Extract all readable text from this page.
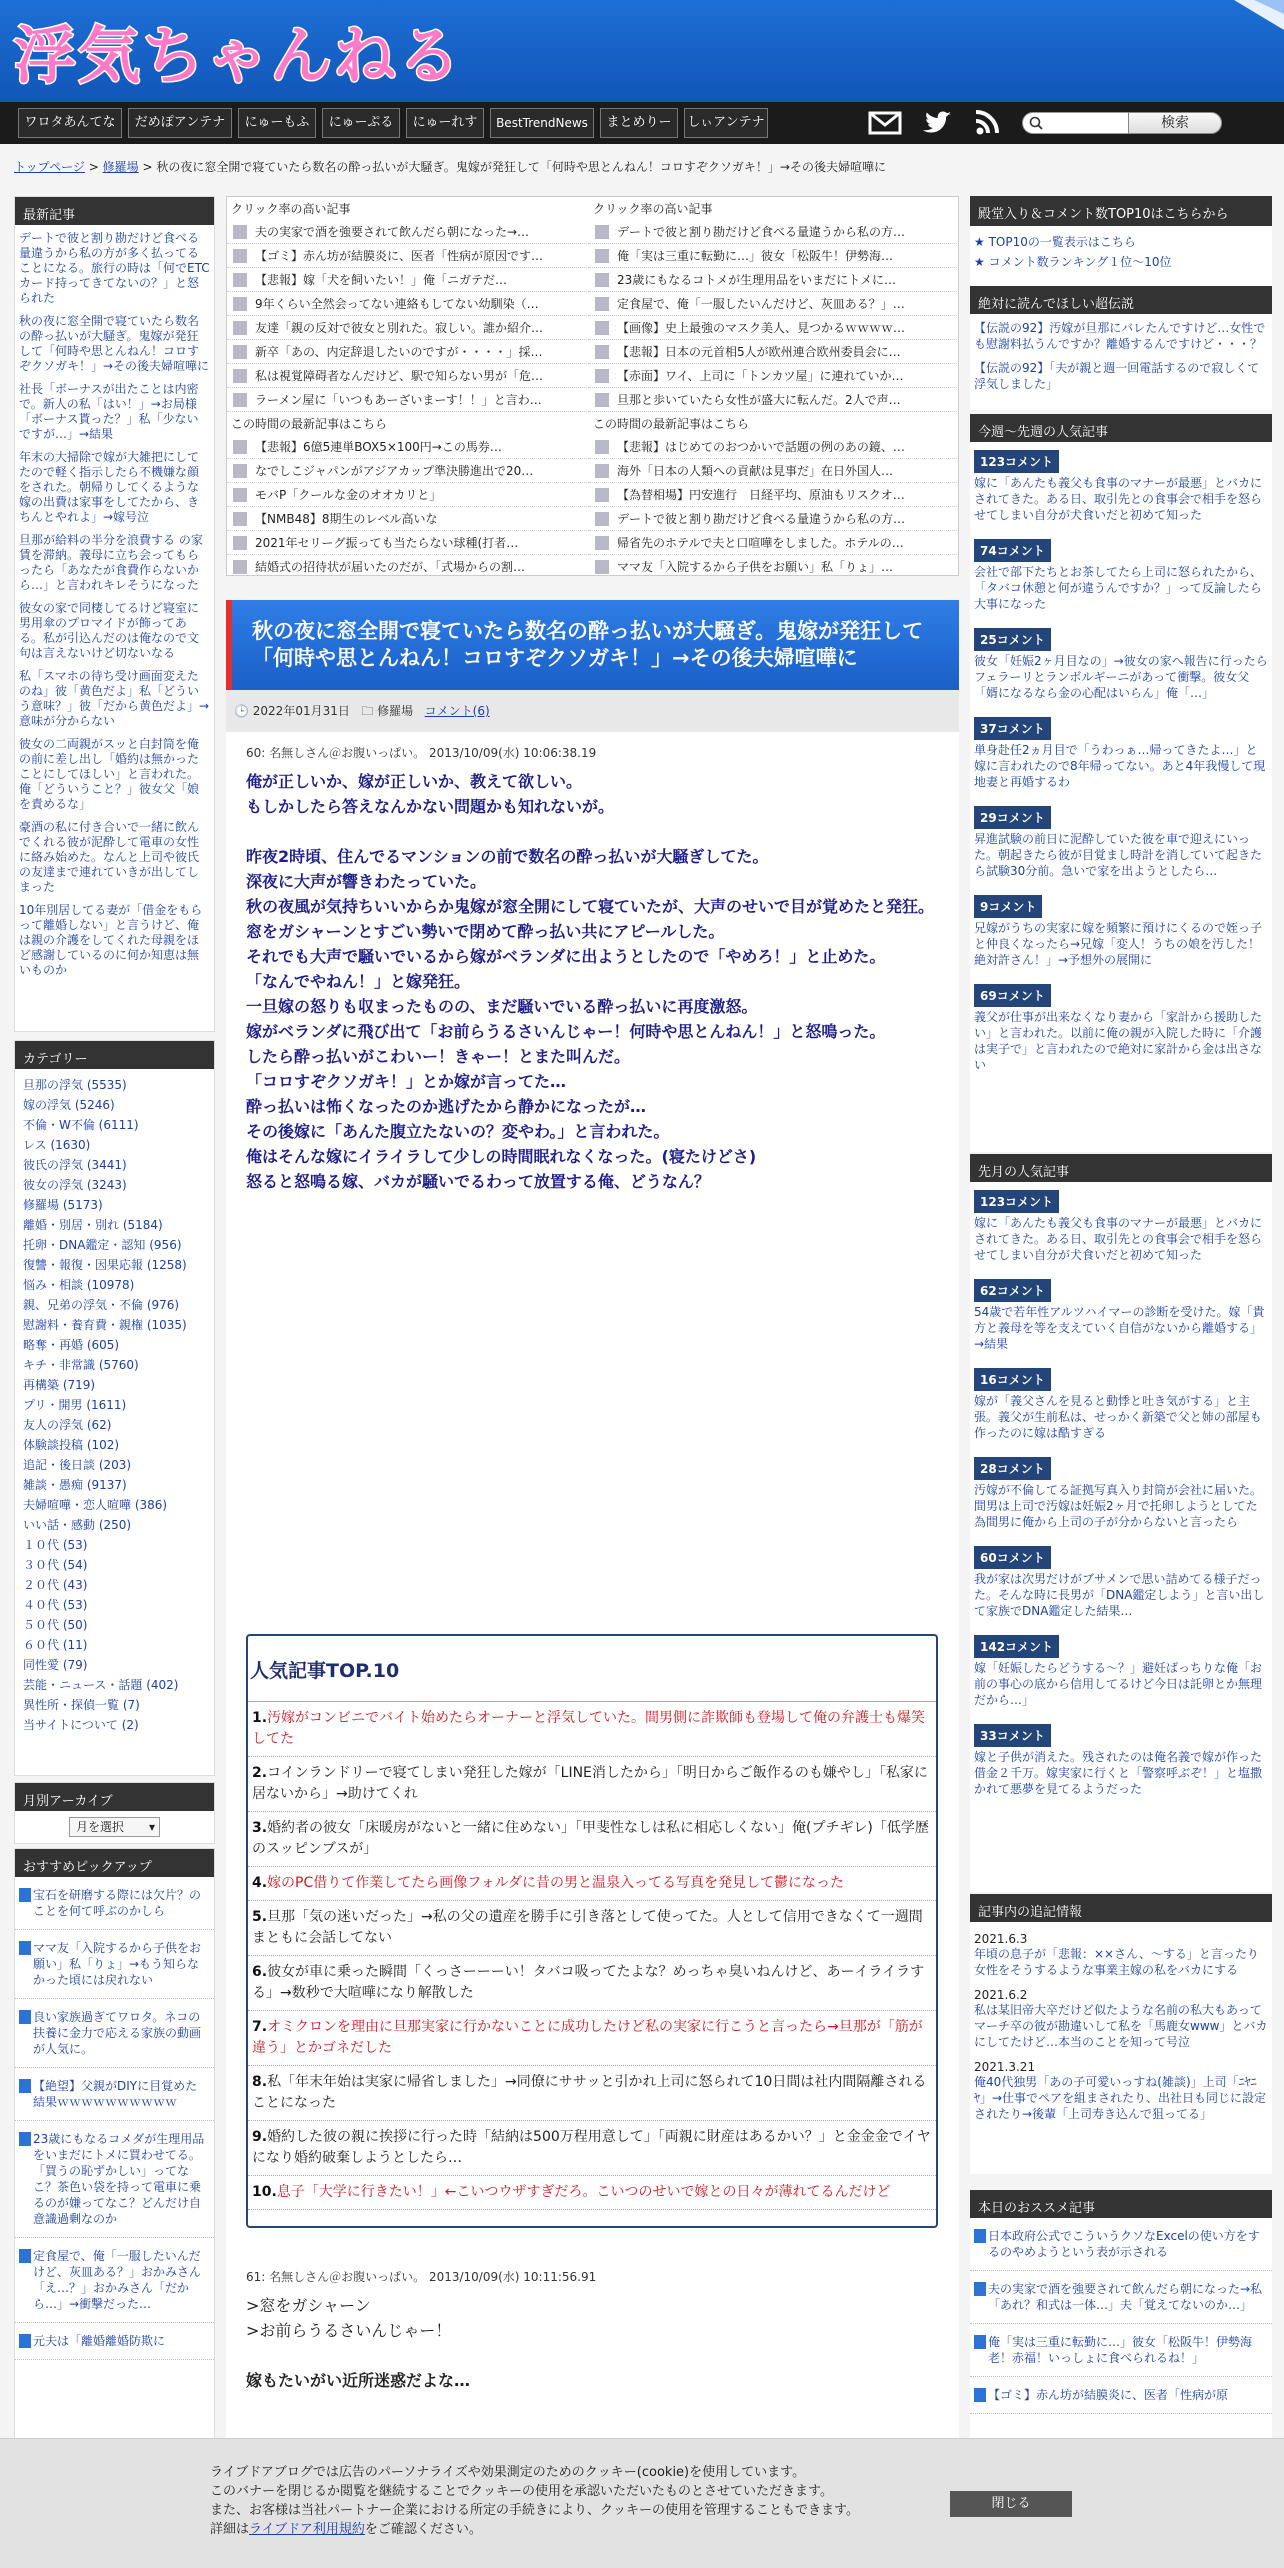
浮気ちゃんねる
ワロタあんてな	だめぽアンテナ	にゅーもふ	にゅーぷる	にゅーれす	BestTrendNews	まとめりー	しぃアンテナ	検索
トップページ > 修羅場 > 秋の夜に窓全開で寝ていたら数名の酔っ払いが大騒ぎ。鬼嫁が発狂して「何時や思とんねん！コロすぞクソガキ！」→その後夫婦喧嘩に
最新記事
デートで彼と割り勘だけど食べる量違うから私の方が多く払ってることになる。旅行の時は「何でETCカード持ってきてないの？」と怒られた
秋の夜に窓全開で寝ていたら数名の酔っ払いが大騒ぎ。鬼嫁が発狂して「何時や思とんねん！コロすぞクソガキ！」→その後夫婦喧嘩に
社長「ボーナスが出たことは内密で。新人の私「はい！」→お局様「ボーナス貰った？」私「少ないですが…」→結果
年末の大掃除で嫁が大雑把にしてたので軽く指示したら不機嫌な顔をされた。朝帰りしてくるような嫁の出費は家事をしてたから、きちんとやれよ」→嫁号泣
旦那が給料の半分を浪費する の家賃を滞納。義母に立ち会ってもらったら「あなたが食費作らないから…」と言われキレそうになった
彼女の家で同棲してるけど寝室に男用傘のプロマイドが飾ってある。私が引込んだのは俺なので文句は言えないけど切ないなる
私「スマホの待ち受け画面変えたのね」彼「黄色だよ」私「どういう意味？」彼「だから黄色だよ」→意味が分からない
彼女の二両親がスッと白封筒を俺の前に差し出し「婚約は無かったことにしてほしい」と言われた。俺「どういうこと？」彼女父「娘を責めるな」
豪酒の私に付き合いで一緒に飲んでくれる彼が泥酔して電車の女性に絡み始めた。なんと上司や彼氏の友達まで連れていきが出してしまった
10年別居してる妻が「借金をもらって離婚しない」と言うけど、俺は親の介護をしてくれた母親をほど感謝しているのに何か知恵は無いものか
カテゴリー
旦那の浮気 (5535)
嫁の浮気 (5246)
不倫・W不倫 (6111)
レス (1630)
彼氏の浮気 (3441)
彼女の浮気 (3243)
修羅場 (5173)
離婚・別居・別れ (5184)
托卵・DNA鑑定・認知 (956)
復讐・報復・因果応報 (1258)
悩み・相談 (10978)
親、兄弟の浮気・不倫 (976)
慰謝料・養育費・親権 (1035)
略奪・再婚 (605)
キチ・非常識 (5760)
再構築 (719)
プリ・開男 (1611)
友人の浮気 (62)
体験談投稿 (102)
追記・後日談 (203)
雑談・愚痴 (9137)
夫婦喧嘩・恋人喧嘩 (386)
いい話・感動 (250)
１０代 (53)
３０代 (54)
２０代 (43)
４０代 (53)
５０代 (50)
６０代 (11)
同性愛 (79)
芸能・ニュース・話題 (402)
異性所・探偵一覧 (7)
当サイトについて (2)
月別アーカイブ
月を選択 ▾
おすすめピックアップ
宝石を研磨する際には欠片？のことを何て呼ぶのかしら
ママ友「入院するから子供をお願い」私「りょ」→もう知らなかった頃には戻れない
良い家族過ぎてワロタ。ネコの扶養に金力で応える家族の動画が人気に。
【絶望】父親がDIYに目覚めた結果ｗｗｗｗｗｗｗｗｗｗ
23歳にもなるコメダが生理用品をいまだにトメに買わせてる。「買うの恥ずかしい」ってなこ？茶色い袋を持って電車に乗るのが嫌ってなこ？どんだけ自意識過剰なのか
定食屋で、俺「一服したいんだけど、灰皿ある？」おかみさん「え…？」おかみさん「だから…」→衝撃だった…
元夫は「離婚離婚防欺に
クリック率の高い記事
夫の実家で酒を強要されて飲んだら朝になった→…
【ゴミ】赤ん坊が結膜炎に、医者「性病が原因です…
【悲報】嫁「犬を飼いたい！」俺「ニガテだ…
9年くらい全然会ってない連絡もしてない幼馴染（…
友達「親の反対で彼女と別れた。寂しい。誰か紹介…
新卒「あの、内定辞退したいのですが・・・・」採…
私は視覚障碍者なんだけど、駅で知らない男が「危…
ラーメン屋に「いつもあーざいまーす！！」と言わ…
この時間の最新記事はこちら
【悲報】6億5連単BOX5×100円→この馬券…
なでしこジャパンがアジアカップ準決勝進出で20…
モバP「クールな金のオオカリと」
【NMB48】8期生のレベル高いな
2021年セリーグ振っても当たらない球種(打者…
結婚式の招待状が届いたのだが、「式場からの割…
クリック率の高い記事
デートで彼と割り勘だけど食べる量違うから私の方…
俺「実は三重に転勤に…」彼女「松阪牛！伊勢海…
23歳にもなるコトメが生理用品をいまだにトメに…
定食屋で、俺「一服したいんだけど、灰皿ある？」…
【画像】史上最強のマスク美人、見つかるｗｗｗｗ…
【悲報】日本の元首相5人が欧州連合欧州委員会に…
【赤面】ワイ、上司に「トンカツ屋」に連れていか…
旦那と歩いていたら女性が盛大に転んだ。2人で声…
この時間の最新記事はこちら
【悲報】はじめてのおつかいで話題の例のあの鏡、…
海外「日本の人類への貢献は見事だ」在日外国人…
【為替相場】円安進行　日経平均、原油もリスクオ…
デートで彼と割り勘だけど食べる量違うから私の方…
帰省先のホテルで夫と口喧嘩をしました。ホテルの…
ママ友「入院するから子供をお願い」私「りょ」…
秋の夜に窓全開で寝ていたら数名の酔っ払いが大騒ぎ。鬼嫁が発狂して「何時や思とんねん！コロすぞクソガキ！」→その後夫婦喧嘩に
🕒 2022年01月31日 🗀 修羅場 コメント(6)
60: 名無しさん＠お腹いっぱい。 2013/10/09(水) 10:06:38.19
俺が正しいか、嫁が正しいか、教えて欲しい。
もしかしたら答えなんかない問題かも知れないが。
昨夜2時頃、住んでるマンションの前で数名の酔っ払いが大騒ぎしてた。
深夜に大声が響きわたっていた。
秋の夜風が気持ちいいからか鬼嫁が窓全開にして寝ていたが、大声のせいで目が覚めたと発狂。
窓をガシャーンとすごい勢いで閉めて酔っ払い共にアピールした。
それでも大声で騒いでいるから嫁がベランダに出ようとしたので「やめろ！」と止めた。
「なんでやねん！」と嫁発狂。
一旦嫁の怒りも収まったものの、まだ騒いでいる酔っ払いに再度激怒。
嫁がベランダに飛び出て「お前らうるさいんじゃー！何時や思とんねん！」と怒鳴った。
したら酔っ払いがこわいー！きゃー！とまた叫んだ。
「コロすぞクソガキ！」とか嫁が言ってた…
酔っ払いは怖くなったのか逃げたから静かになったが…
その後嫁に「あんた腹立たないの？変やわ。」と言われた。
俺はそんな嫁にイライラして少しの時間眠れなくなった。(寝たけどさ)
怒ると怒鳴る嫁、バカが騒いでるわって放置する俺、どうなん？
人気記事TOP.10
1.汚嫁がコンビニでバイト始めたらオーナーと浮気していた。間男側に詐欺師も登場して俺の弁護士も爆笑してた
2.コインランドリーで寝てしまい発狂した嫁が「LINE消したから」「明日からご飯作るのも嫌やし」「私家に居ないから」→助けてくれ
3.婚約者の彼女「床暖房がないと一緒に住めない」「甲斐性なしは私に相応しくない」俺(プチギレ)「低学歴のスッピンブスが」
4.嫁のPC借りて作業してたら画像フォルダに昔の男と温泉入ってる写真を発見して鬱になった
5.旦那「気の迷いだった」→私の父の遺産を勝手に引き落として使ってた。人として信用できなくて一週間まともに会話してない
6.彼女が車に乗った瞬間「くっさーーーい！タバコ吸ってたよな？めっちゃ臭いねんけど、あーイライラする」→数秒で大喧嘩になり解散した
7.オミクロンを理由に旦那実家に行かないことに成功したけど私の実家に行こうと言ったら→旦那が「筋が違う」とかゴネだした
8.私「年末年始は実家に帰省しました」→同僚にササッと引かれ上司に怒られて10日間は社内間隔離されることになった
9.婚約した彼の親に挨拶に行った時「結納は500万程用意して」「両親に財産はあるかい？」と金金金でイヤになり婚約破棄しようとしたら…
10.息子「大学に行きたい！」←こいつウザすぎだろ。こいつのせいで嫁との日々が薄れてるんだけど
61: 名無しさん＠お腹いっぱい。 2013/10/09(水) 10:11:56.91
>窓をガシャーン
>お前らうるさいんじゃー！
嫁もたいがい近所迷惑だよな…
殿堂入り＆コメント数TOP10はこちらから
★ TOP10の一覧表示はこちら
★ コメント数ランキング１位～10位
絶対に読んでほしい超伝説
【伝説の92】汚嫁が旦那にバレたんですけど…女性でも慰謝料払うんですか？離婚するんですけど・・・？
【伝説の92】「夫が親と週一回電話するので寂しくて浮気しました」
今週～先週の人気記事
123コメント
嫁に「あんたも義父も食事のマナーが最悪」とバカにされてきた。ある日、取引先との食事会で相手を怒らせてしまい自分が犬食いだと初めて知った
74コメント
会社で部下たちとお茶してたら上司に怒られたから、「タバコ休憩と何が違うんですか？」って反論したら大事になった
25コメント
彼女「妊娠2ヶ月目なの」→彼女の家へ報告に行ったらフェラーリとランボルギーニがあって衝撃。彼女父「婿になるなら金の心配はいらん」俺「…」
37コメント
単身赴任2ヵ月目で「うわっぁ…帰ってきたよ…」と嫁に言われたので8年帰ってない。あと4年我慢して現地妻と再婚するわ
29コメント
昇進試験の前日に泥酔していた彼を車で迎えにいった。朝起きたら彼が目覚まし時計を消していて起きたら試験30分前。急いで家を出ようとしたら…
9コメント
兄嫁がうちの実家に嫁を頻繁に預けにくるので姪っ子と仲良くなったら→兄嫁「変人！うちの娘を汚した！絶対許さん！」→予想外の展開に
69コメント
義父が仕事が出来なくなり妻から「家計から援助したい」と言われた。以前に俺の親が入院した時に「介護は実子で」と言われたので絶対に家計から金は出さない
先月の人気記事
123コメント
嫁に「あんたも義父も食事のマナーが最悪」とバカにされてきた。ある日、取引先との食事会で相手を怒らせてしまい自分が犬食いだと初めて知った
62コメント
54歳で若年性アルツハイマーの診断を受けた。嫁「貴方と義母を等を支えていく自信がないから離婚する」→結果
16コメント
嫁が「義父さんを見ると動悸と吐き気がする」と主張。義父が生前私は、せっかく新築で父と姉の部屋も作ったのに嫁は酷すぎる
28コメント
汚嫁が不倫してる証拠写真入り封筒が会社に届いた。間男は上司で汚嫁は妊娠2ヶ月で托卵しようとしてた為間男に俺から上司の子が分からないと言ったら
60コメント
我が家は次男だけがブサメンで思い詰めてる様子だった。そんな時に長男が「DNA鑑定しよう」と言い出して家族でDNA鑑定した結果…
142コメント
嫁「妊娠したらどうする～？」避妊ばっちりな俺「お前の事心の底から信用してるけど今日は託卵とか無理だから…」
33コメント
嫁と子供が消えた。残されたのは俺名義で嫁が作った借金２千万。嫁実家に行くと「警察呼ぶぞ！」と塩撒かれて悪夢を見てるようだった
記事内の追記情報
2021.6.3
年頃の息子が「悲報：××さん、～する」と言ったり女性をそうするような事業主嫁の私をバカにする
2021.6.2
私は某旧帝大卒だけど似たような名前の私大もあってマーチ卒の彼が勘違いして私を「馬鹿女www」とバカにしてたけど…本当のことを知って号泣
2021.3.21
俺40代独男「あの子可愛いっすね(雑談)」上司「ﾆﾔﾆﾔ」→仕事でペアを組まされたり、出社日も同じに設定されたり→後輩「上司寿き込んで狙ってる」
本日のおススメ記事
日本政府公式でこういうクソなExcelの使い方をするのやめようという表が示される
夫の実家で酒を強要されて飲んだら朝になった→私「あれ？和式は一体…」夫「覚えてないのか…」
俺「実は三重に転勤に…」彼女「松阪牛！伊勢海老！赤福！いっしょに食べられるね！」
【ゴミ】赤ん坊が結膜炎に、医者「性病が原
ライブドアブログでは広告のパーソナライズや効果測定のためのクッキー(cookie)を使用しています。
このバナーを閉じるか閲覧を継続することでクッキーの使用を承認いただいたものとさせていただきます。
また、お客様は当社パートナー企業における所定の手続きにより、クッキーの使用を管理することもできます。
詳細はライブドア利用規約をご確認ください。
閉じる
